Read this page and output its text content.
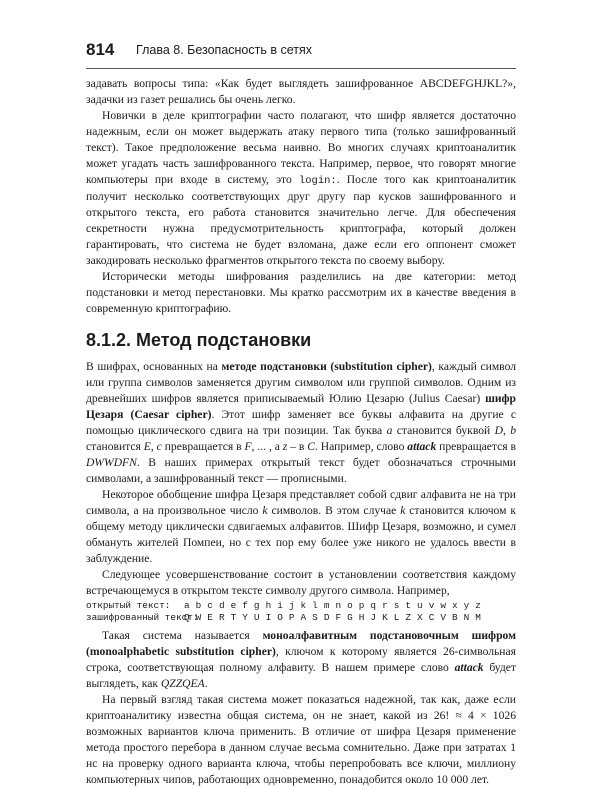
814	Глава 8. Безопасность в сетях

задавать вопросы типа: «Как будет выглядеть зашифрованное ABCDEFGHJKL?», задачки из газет решались бы очень легко.

Новички в деле криптографии часто полагают, что шифр является достаточно надежным, если он может выдержать атаку первого типа (только зашифрованный текст). Такое предположение весьма наивно. Во многих случаях криптоаналитик может угадать часть зашифрованного текста. Например, первое, что говорят многие компьютеры при входе в систему, это login:. После того как криптоаналитик получит несколько соответствующих друг другу пар кусков зашифрованного и открытого текста, его работа становится значительно легче. Для обеспечения секретности нужна предусмотрительность криптографа, который должен гарантировать, что система не будет взломана, даже если его оппонент сможет закодировать несколько фрагментов открытого текста по своему выбору.

Исторически методы шифрования разделились на две категории: метод подстановки и метод перестановки. Мы кратко рассмотрим их в качестве введения в современную криптографию.

8.1.2. Метод подстановки

В шифрах, основанных на методе подстановки (substitution cipher), каждый символ или группа символов заменяется другим символом или группой символов. Одним из древнейших шифров является приписываемый Юлию Цезарю (Julius Caesar) шифр Цезаря (Caesar cipher). Этот шифр заменяет все буквы алфавита на другие с помощью циклического сдвига на три позиции. Так буква a становится буквой D, b становится E, c превращается в F, ... , а z – в C. Например, слово attack превращается в DWWDFN. В наших примерах открытый текст будет обозначаться строчными символами, а зашифрованный текст — прописными.

Некоторое обобщение шифра Цезаря представляет собой сдвиг алфавита не на три символа, а на произвольное число k символов. В этом случае k становится ключом к общему методу циклически сдвигаемых алфавитов. Шифр Цезаря, возможно, и сумел обмануть жителей Помпеи, но с тех пор ему более уже никого не удалось ввести в заблуждение.

Следующее усовершенствование состоит в установлении соответствия каждому встречающемуся в открытом тексте символу другого символа. Например,

открытый текст:	a b c d e f g h i j k l m n o p q r s t u v w x y z
зашифрованный текст:
Q W E R T Y U I O P A S D F G H J K L Z X C V B N M

Такая система называется моноалфавитным подстановочным шифром (monoalphabetic substitution cipher), ключом к которому является 26-символьная строка, соответствующая полному алфавиту. В нашем примере слово attack будет выглядеть, как QZZQEA.

На первый взгляд такая система может показаться надежной, так как, даже если криптоаналитику известна общая система, он не знает, какой из 26! ≈ 4 × 1026 возможных вариантов ключа применить. В отличие от шифра Цезаря применение метода простого перебора в данном случае весьма сомнительно. Даже при затратах 1 нс на проверку одного варианта ключа, чтобы перепробовать все ключи, миллиону компьютерных чипов, работающих одновременно, понадобится около 10 000 лет.
